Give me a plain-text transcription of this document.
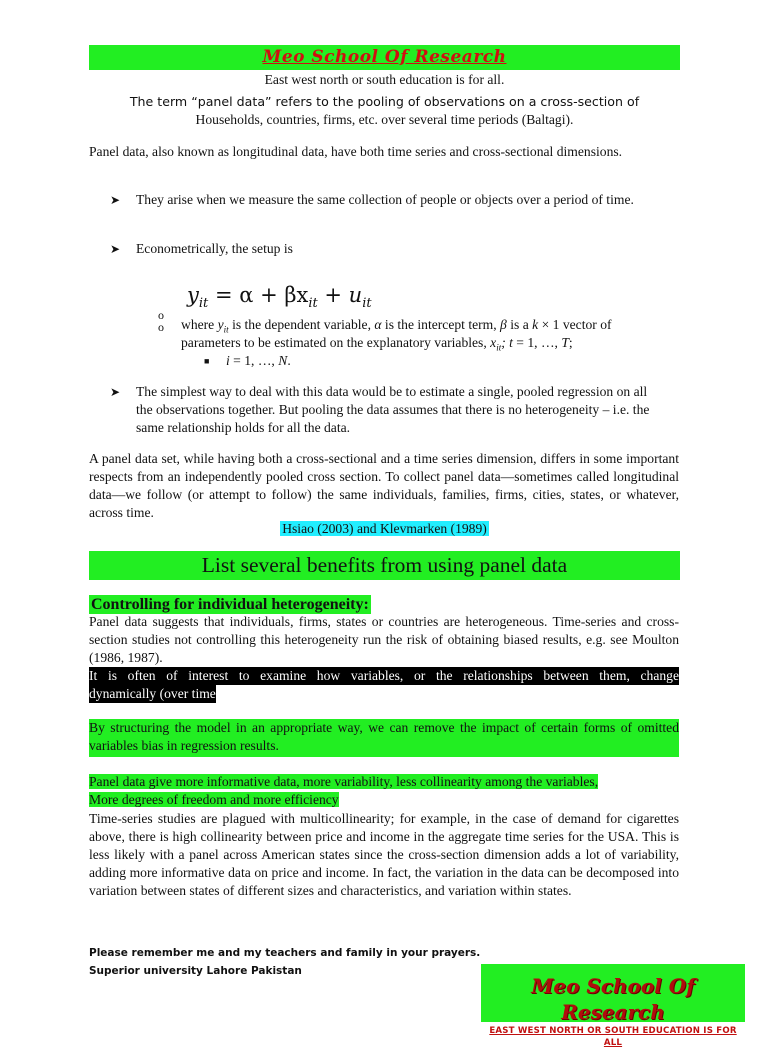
Meo School Of Research
East west north or south education is for all.
The term “panel data” refers to the pooling of observations on a cross-section of
Households, countries, firms, etc. over several time periods (Baltagi).
Panel data, also known as longitudinal data, have both time series and cross-sectional dimensions.
➤ They arise when we measure the same collection of people or objects over a period of time.
➤ Econometrically, the setup is
$y_{it} = \alpha + \beta x_{it} + u_{it}$
o
o where $y_{it}$ is the dependent variable, α is the intercept term, β is a k × 1 vector of
parameters to be estimated on the explanatory variables, $x_{it}$; t = 1, …, T;
■ i = 1, …, N.
➤ The simplest way to deal with this data would be to estimate a single, pooled regression on all the observations together. But pooling the data assumes that there is no heterogeneity – i.e. the same relationship holds for all the data.
A panel data set, while having both a cross-sectional and a time series dimension, differs in some important respects from an independently pooled cross section. To collect panel data—sometimes called longitudinal data—we follow (or attempt to follow) the same individuals, families, firms, cities, states, or whatever, across time.
Hsiao (2003) and Klevmarken (1989)
List several benefits from using panel data
Controlling for individual heterogeneity:
Panel data suggests that individuals, firms, states or countries are heterogeneous. Time-series and cross-section studies not controlling this heterogeneity run the risk of obtaining biased results, e.g. see Moulton (1986, 1987).
It is often of interest to examine how variables, or the relationships between them, change
dynamically (over time
By structuring the model in an appropriate way, we can remove the impact of certain forms of omitted variables bias in regression results.
Panel data give more informative data, more variability, less collinearity among the variables,
More degrees of freedom and more efficiency
Time-series studies are plagued with multicollinearity; for example, in the case of demand for cigarettes above, there is high collinearity between price and income in the aggregate time series for the USA. This is less likely with a panel across American states since the cross-section dimension adds a lot of variability, adding more informative data on price and income. In fact, the variation in the data can be decomposed into variation between states of different sizes and characteristics, and variation within states.
Please remember me and my teachers and family in your prayers.
Superior university Lahore Pakistan
Meo School Of Research
EAST WEST NORTH OR SOUTH EDUCATION IS FOR ALL
